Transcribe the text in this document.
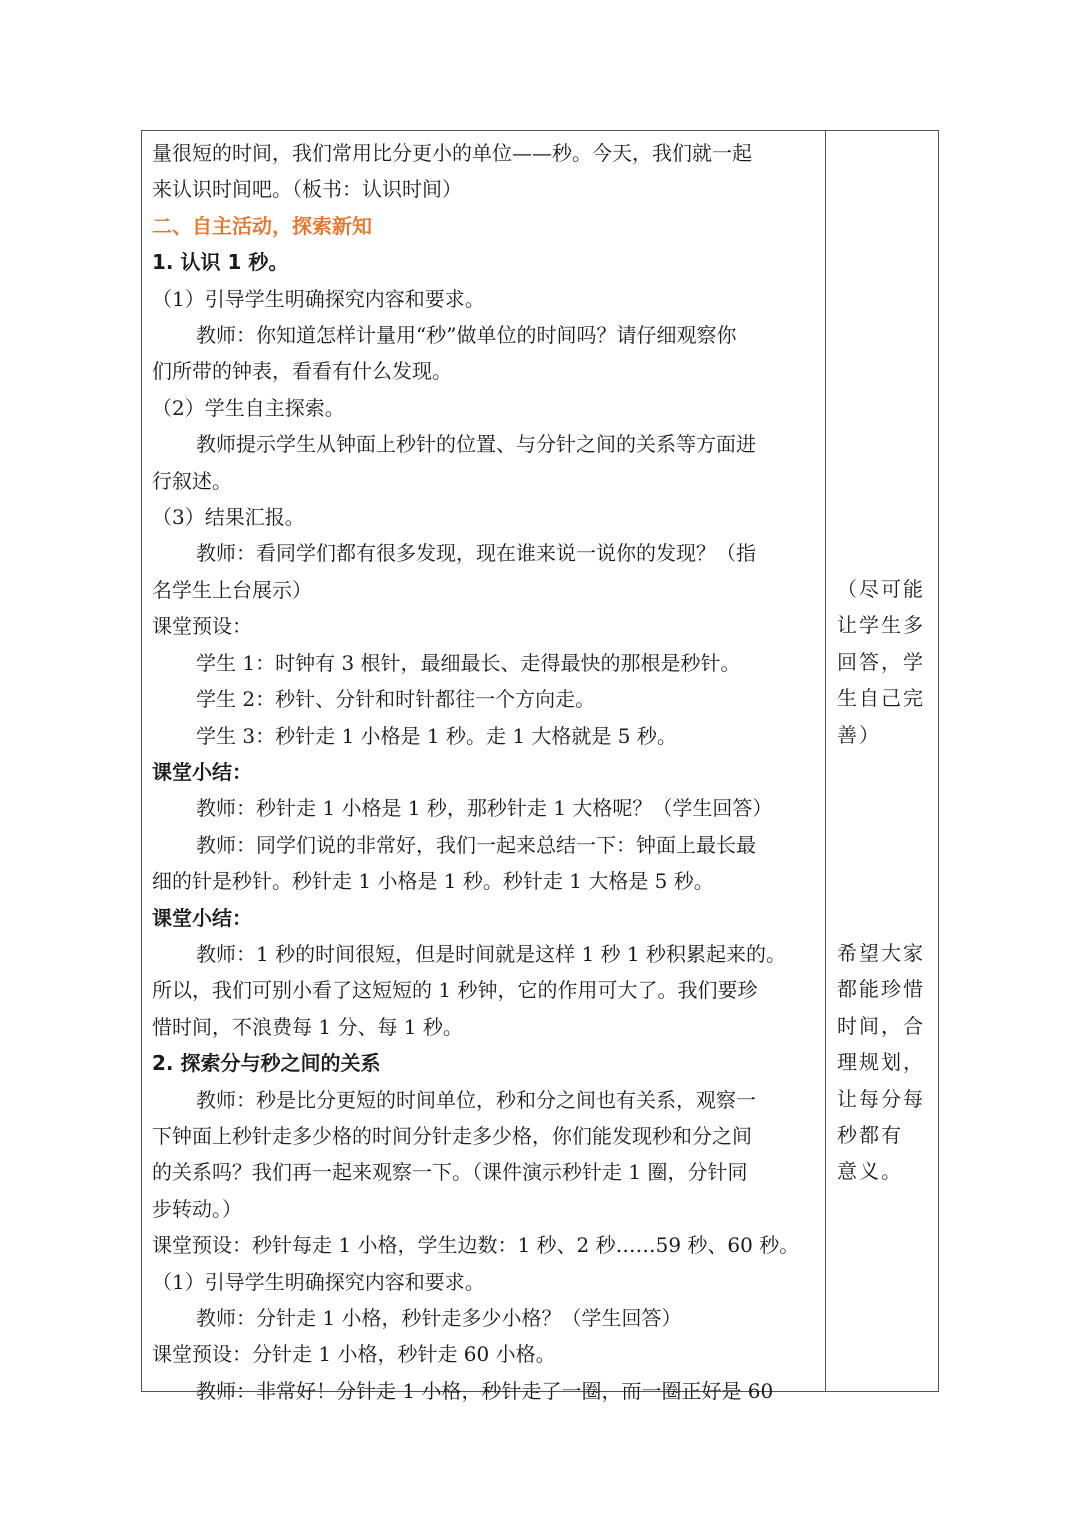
量很短的时间，我们常用比分更小的单位——秒。今天，我们就一起
来认识时间吧。（板书：认识时间）
二、自主活动，探索新知
1. 认识 1 秒。
（1）引导学生明确探究内容和要求。
教师：你知道怎样计量用“秒”做单位的时间吗？请仔细观察你
们所带的钟表，看看有什么发现。
（2）学生自主探索。
教师提示学生从钟面上秒针的位置、与分针之间的关系等方面进
行叙述。
（3）结果汇报。
教师：看同学们都有很多发现，现在谁来说一说你的发现？（指
名学生上台展示）
课堂预设：
学生 1：时钟有 3 根针，最细最长、走得最快的那根是秒针。
学生 2：秒针、分针和时针都往一个方向走。
学生 3：秒针走 1 小格是 1 秒。走 1 大格就是 5 秒。
课堂小结：
教师：秒针走 1 小格是 1 秒，那秒针走 1 大格呢？（学生回答）
教师：同学们说的非常好，我们一起来总结一下：钟面上最长最
细的针是秒针。秒针走 1 小格是 1 秒。秒针走 1 大格是 5 秒。
课堂小结：
教师：1 秒的时间很短，但是时间就是这样 1 秒 1 秒积累起来的。
所以，我们可别小看了这短短的 1 秒钟，它的作用可大了。我们要珍
惜时间，不浪费每 1 分、每 1 秒。
2. 探索分与秒之间的关系
教师：秒是比分更短的时间单位，秒和分之间也有关系，观察一
下钟面上秒针走多少格的时间分针走多少格，你们能发现秒和分之间
的关系吗？我们再一起来观察一下。（课件演示秒针走 1 圈，分针同
步转动。）
课堂预设：秒针每走 1 小格，学生边数：1 秒、2 秒……59 秒、60 秒。
（1）引导学生明确探究内容和要求。
教师：分针走 1 小格，秒针走多少小格？（学生回答）
课堂预设：分针走 1 小格，秒针走 60 小格。
教师：非常好！分针走 1 小格，秒针走了一圈，而一圈正好是 60
（尽可能
让学生多
回答，学
生自己完
善）
希望大家
都能珍惜
时间，合
理规划，
让每分每
秒都有
意义。
